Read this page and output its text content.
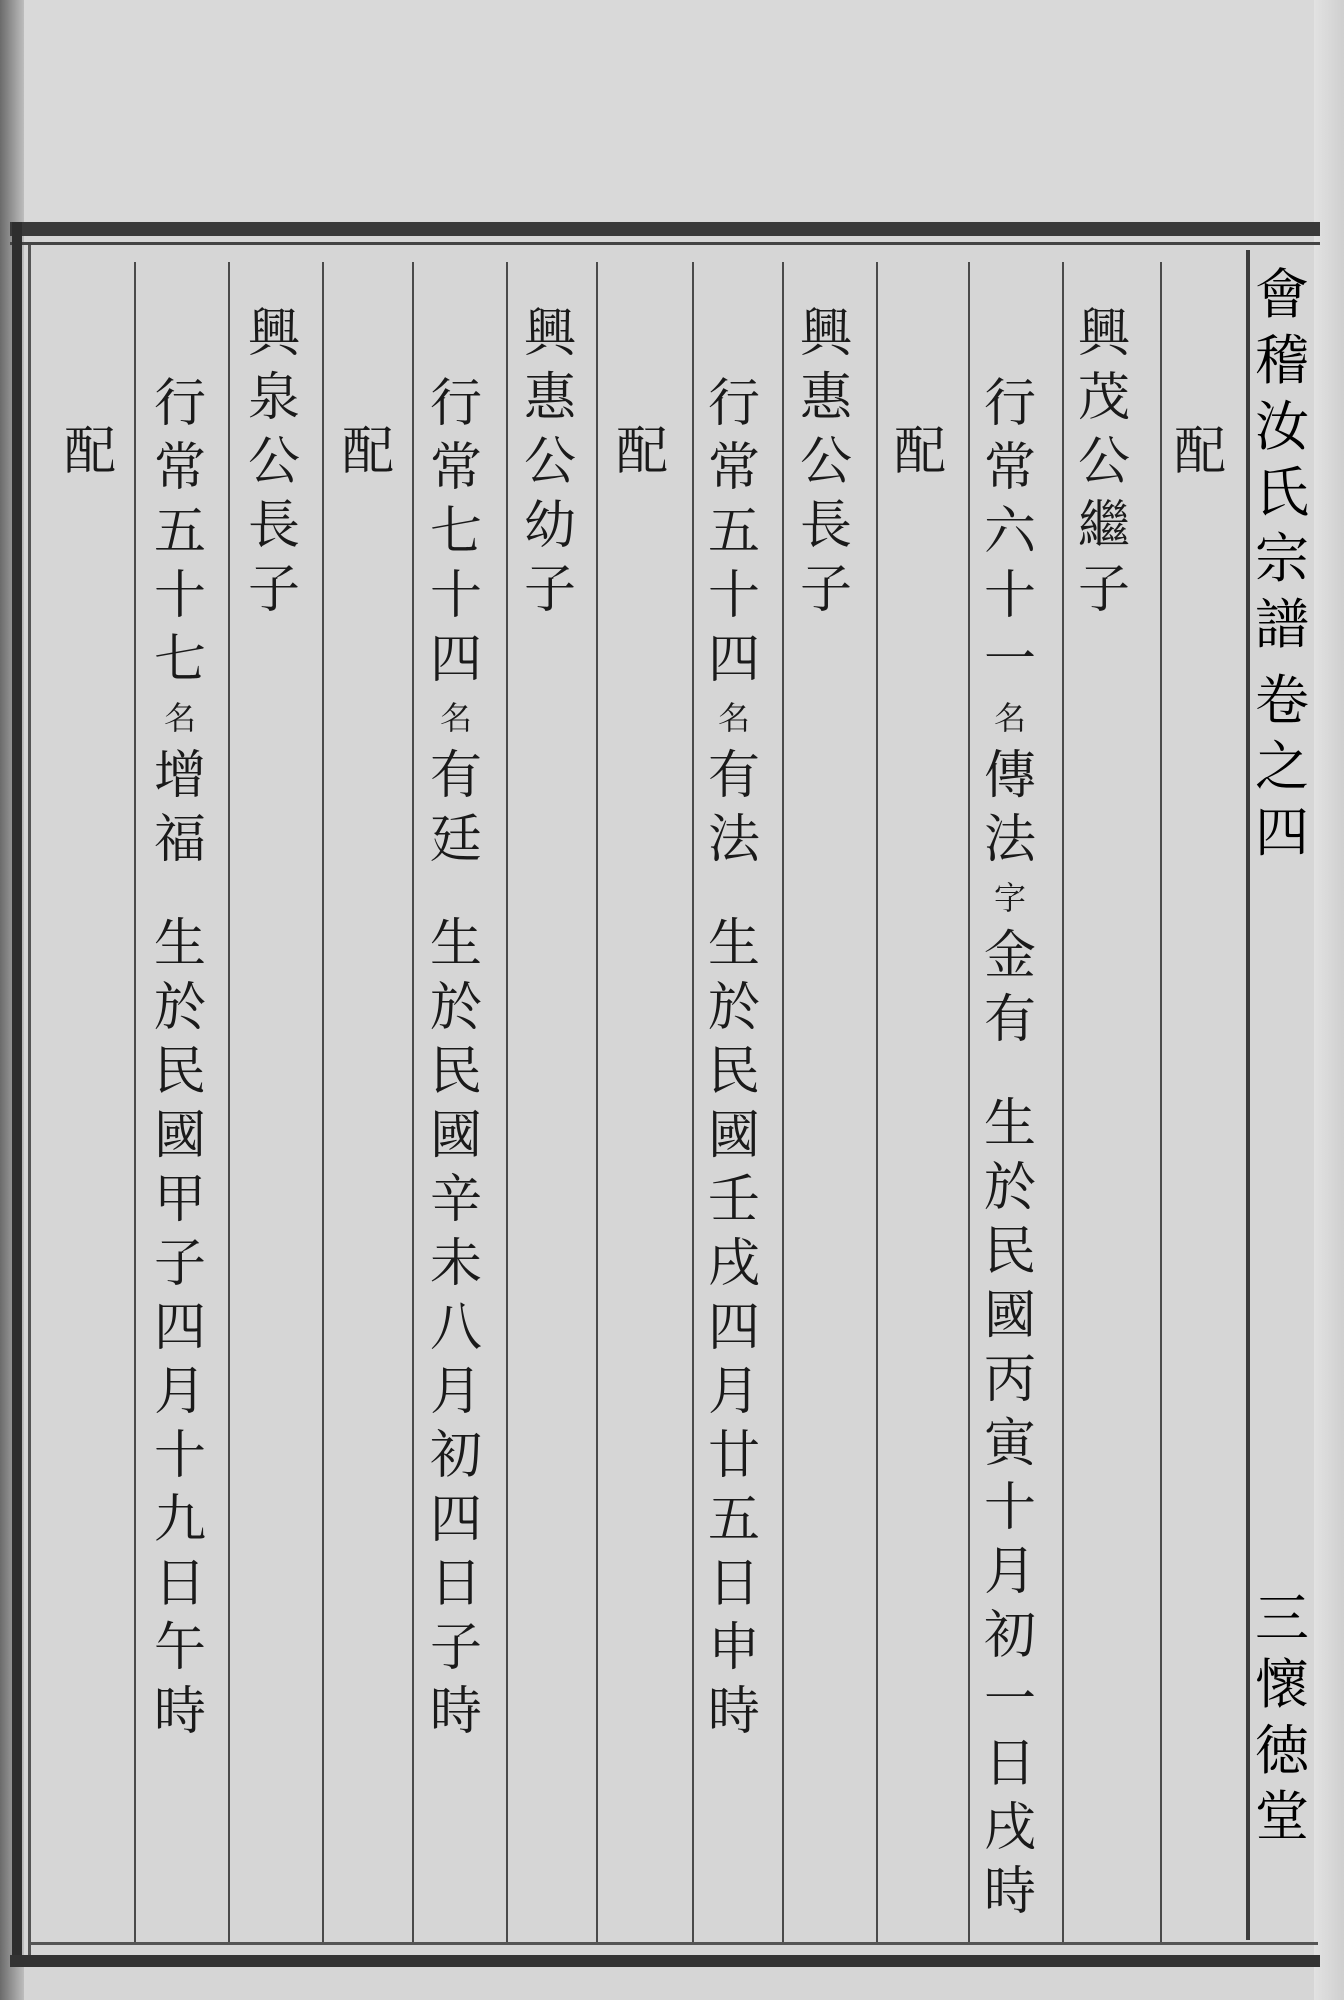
會
稽
汝
氏
宗
譜
卷
之
四
三
懷
徳
堂
配
興
茂
公
繼
子
行
常
六
十
一
名
傳
法
字
金
有
生
於
民
國
丙
寅
十
月
初
一
日
戌
時
配
興
惠
公
長
子
行
常
五
十
四
名
有
法
生
於
民
國
壬
戌
四
月
廿
五
日
申
時
配
興
惠
公
幼
子
行
常
七
十
四
名
有
廷
生
於
民
國
辛
未
八
月
初
四
日
子
時
配
興
泉
公
長
子
行
常
五
十
七
名
增
福
生
於
民
國
甲
子
四
月
十
九
日
午
時
配
